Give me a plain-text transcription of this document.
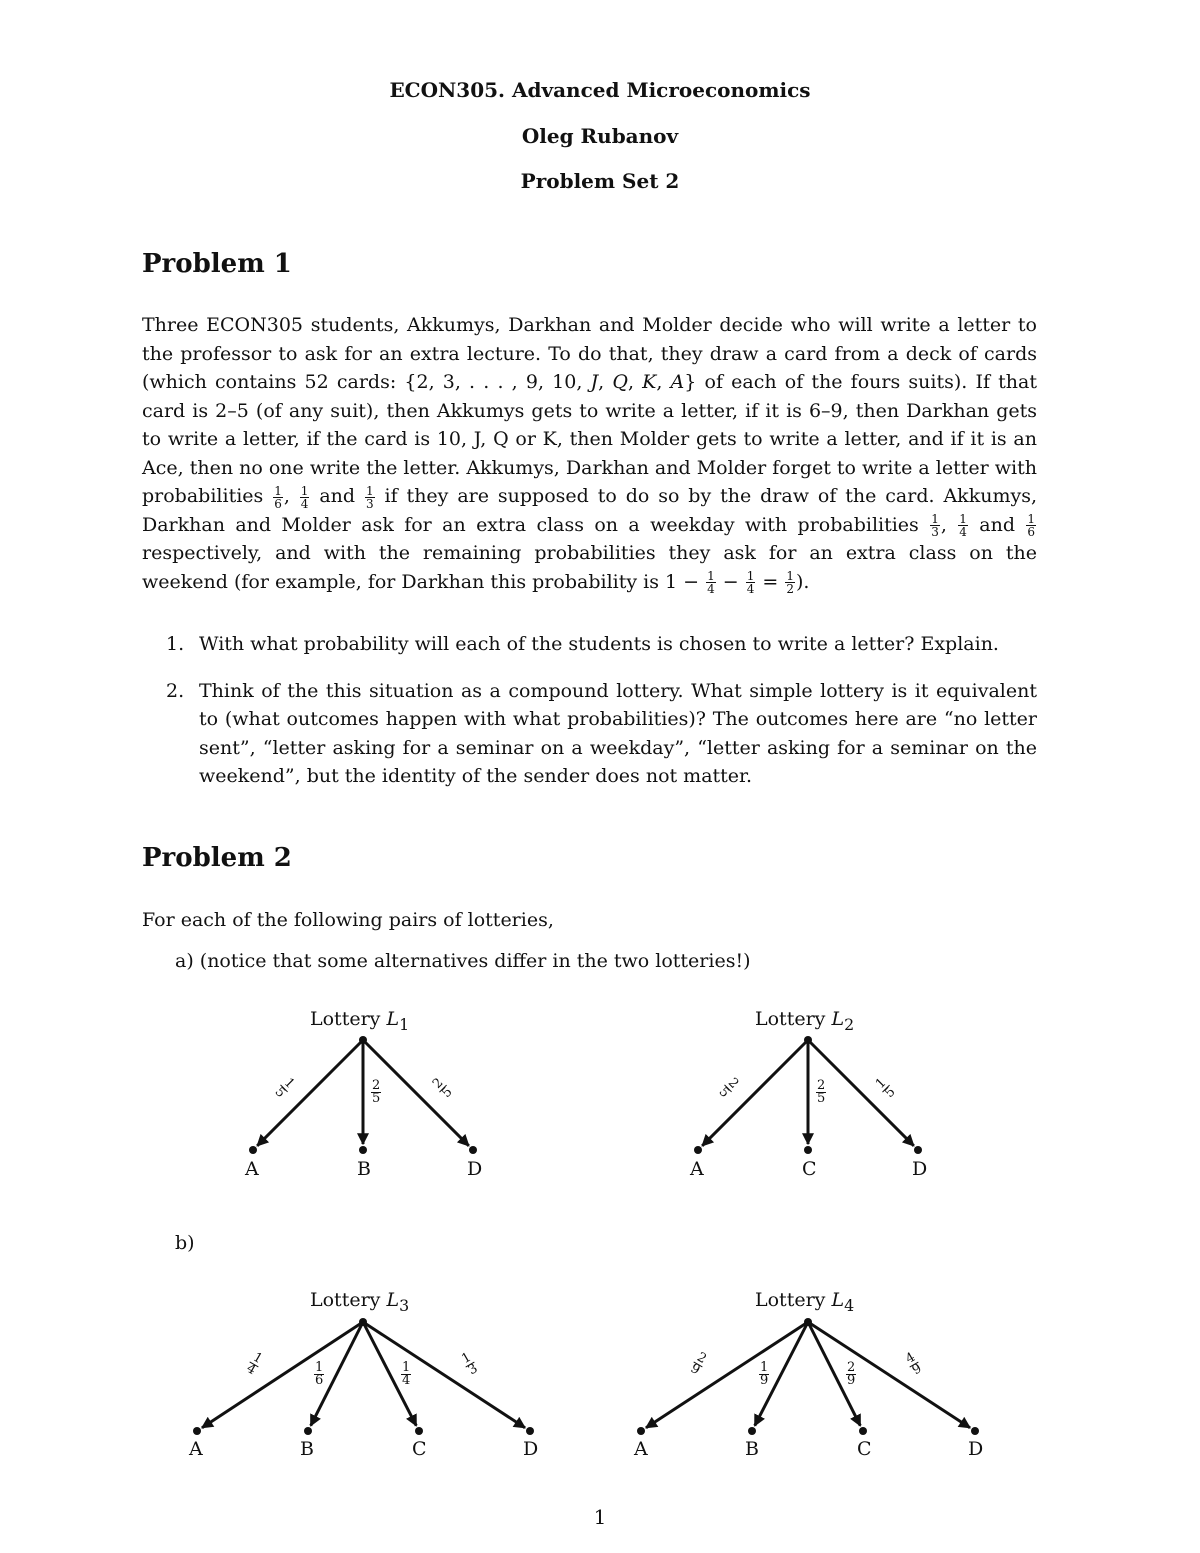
ECON305. Advanced Microeconomics
Oleg Rubanov
Problem Set 2
Problem 1
Three ECON305 students, Akkumys, Darkhan and Molder decide who will write a letter to the professor to ask for an extra lecture. To do that, they draw a card from a deck of cards (which contains 52 cards: {2, 3, . . . , 9, 10, J, Q, K, A} of each of the fours suits). If that card is 2–5 (of any suit), then Akkumys gets to write a letter, if it is 6–9, then Darkhan gets to write a letter, if the card is 10, J, Q or K, then Molder gets to write a letter, and if it is an Ace, then no one write the letter. Akkumys, Darkhan and Molder forget to write a letter with probabilities $\frac{1}{6}$ , $\frac{1}{4}$ and $\frac{1}{3}$ if they are supposed to do so by the draw of the card. Akkumys, Darkhan and Molder ask for an extra class on a weekday with probabilities $\frac{1}{3}$ , $\frac{1}{4}$ and $\frac{1}{6}$
respectively, and with the remaining probabilities they ask for an extra class on the weekend (for example, for Darkhan this probability is $1 - \frac{1}{4} - \frac{1}{4} = \frac{1}{2}$ ).
1. With what probability will each of the students is chosen to write a letter? Explain.
2. Think of the this situation as a compound lottery. What simple lottery is it equivalent to (what outcomes happen with what probabilities)? The outcomes here are “no letter sent”, “letter asking for a seminar on a weekday”, “letter asking for a seminar on the weekend”, but the identity of the sender does not matter.
Problem 2
For each of the following pairs of lotteries,
a) (notice that some alternatives differ in the two lotteries!)
b)
Lottery $L_1$
A	B	D
1
5	$\frac{2}{5}$	2
5
Lottery $L_2$
A	C	D
2
5	$\frac{2}{5}$	1
5
Lottery $L_3$
A	B	C	D
1
4	$\frac{1}{6}$	$\frac{1}{4}$
1
3
Lottery $L_4$
A	B	C	D
2
9	$\frac{1}{9}$	$\frac{2}{9}$
4
9
1
